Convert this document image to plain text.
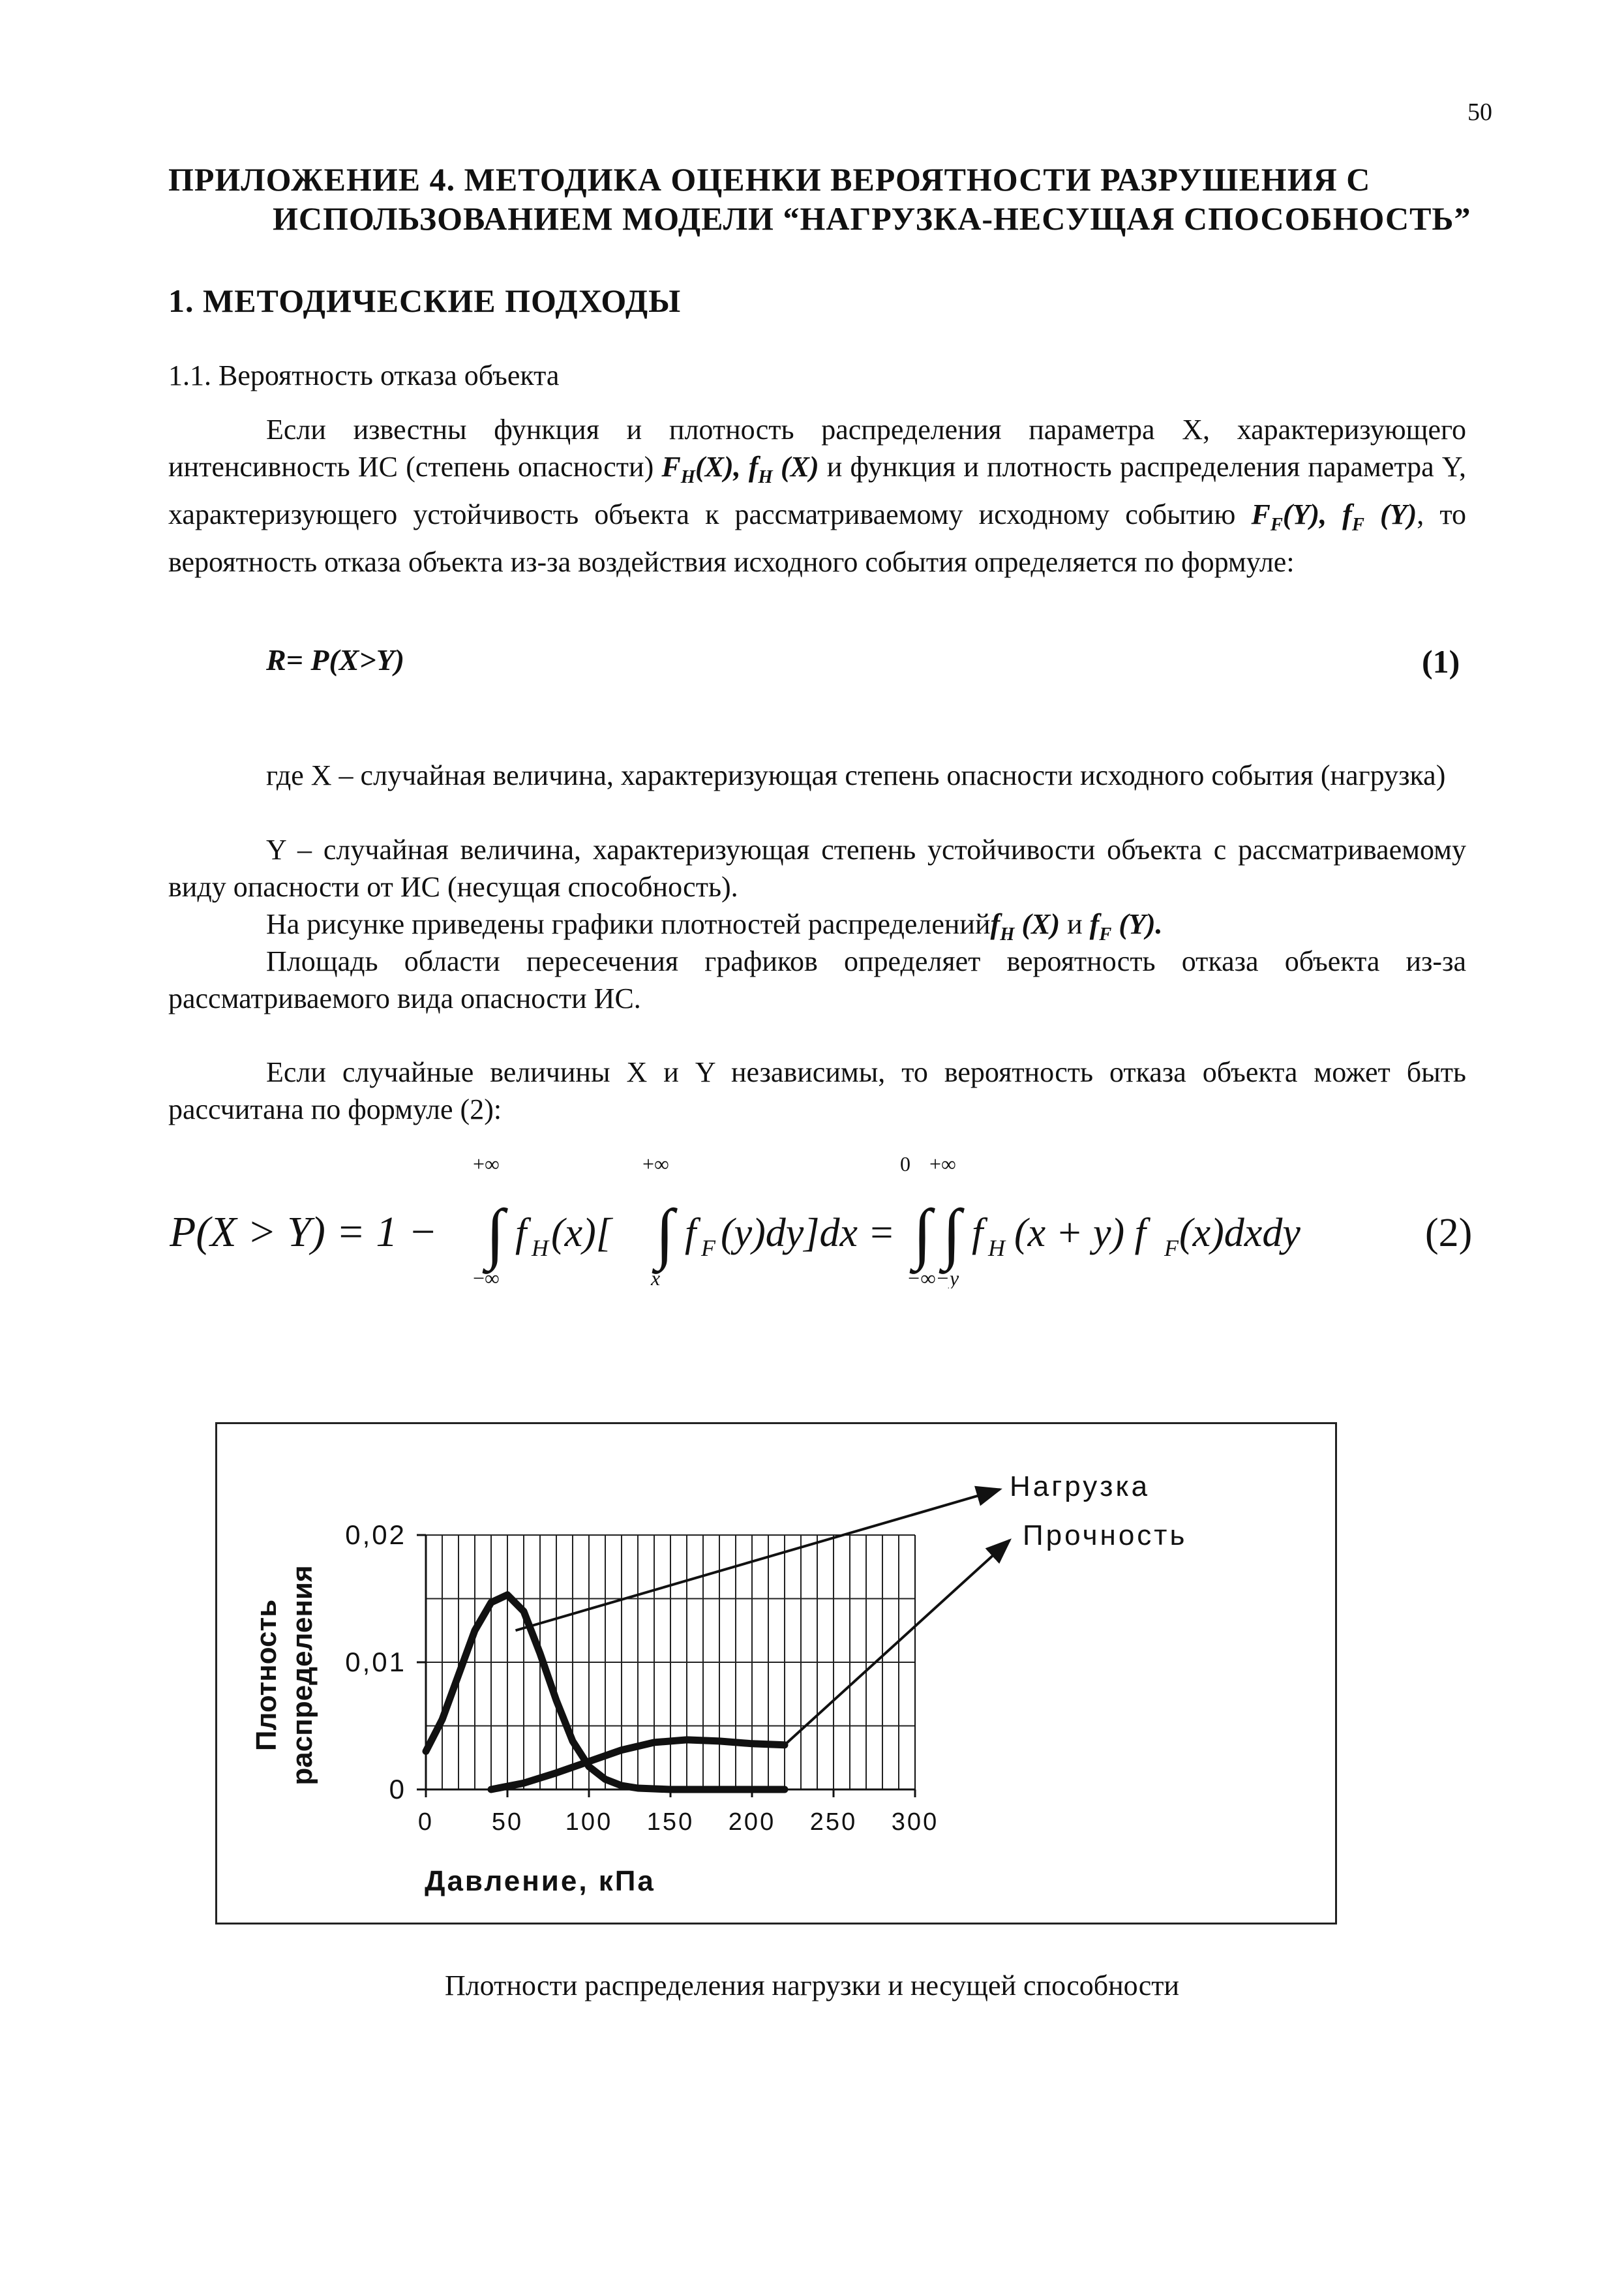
50
ПРИЛОЖЕНИЕ 4. МЕТОДИКА ОЦЕНКИ ВЕРОЯТНОСТИ РАЗРУШЕНИЯ С
ИСПОЛЬЗОВАНИЕМ МОДЕЛИ “НАГРУЗКА-НЕСУЩАЯ СПОСОБНОСТЬ”
1. МЕТОДИЧЕСКИЕ ПОДХОДЫ
1.1. Вероятность отказа объекта
Если известны функция и плотность распределения параметра X, характеризующего интенсивность ИС (степень опасности) $F_H(X)$, $f_H$ (X) и функция и плотность распределения параметра Y, характеризующего устойчивость объекта к рассматриваемому исходному событию $F_F(Y)$, $f_F$ (Y), то вероятность отказа объекта из-за воздействия исходного события определяется по формуле:
R= P(X>Y)	(1)
где X – случайная величина, характеризующая степень опасности исходного события (нагрузка)
Y – случайная величина, характеризующая степень устойчивости объекта с рассматриваемому виду опасности от ИС (несущая способность).
На рисунке приведены графики плотностей распределенийf$_H$ (X) и $f_F$ (Y).
Площадь области пересечения графиков определяет вероятность отказа объекта из-за рассматриваемого вида опасности ИС.
Если случайные величины X и Y независимы, то вероятность отказа объекта может быть рассчитана по формуле (2):
P(X > Y) = 1 − ∫ ∫	∫ ∫
f H (x)[ f F (y)dy]dx = f H (x + y) f F (x)dxdy
+∞	+∞	0 +∞
−∞	x	−∞−y
(2)
0 50 100 150 200 250 300
0
0,01
0,02
Нагрузка
Прочность
Давление, кПа
Плотность распределения
Плотности распределения нагрузки и несущей способности
